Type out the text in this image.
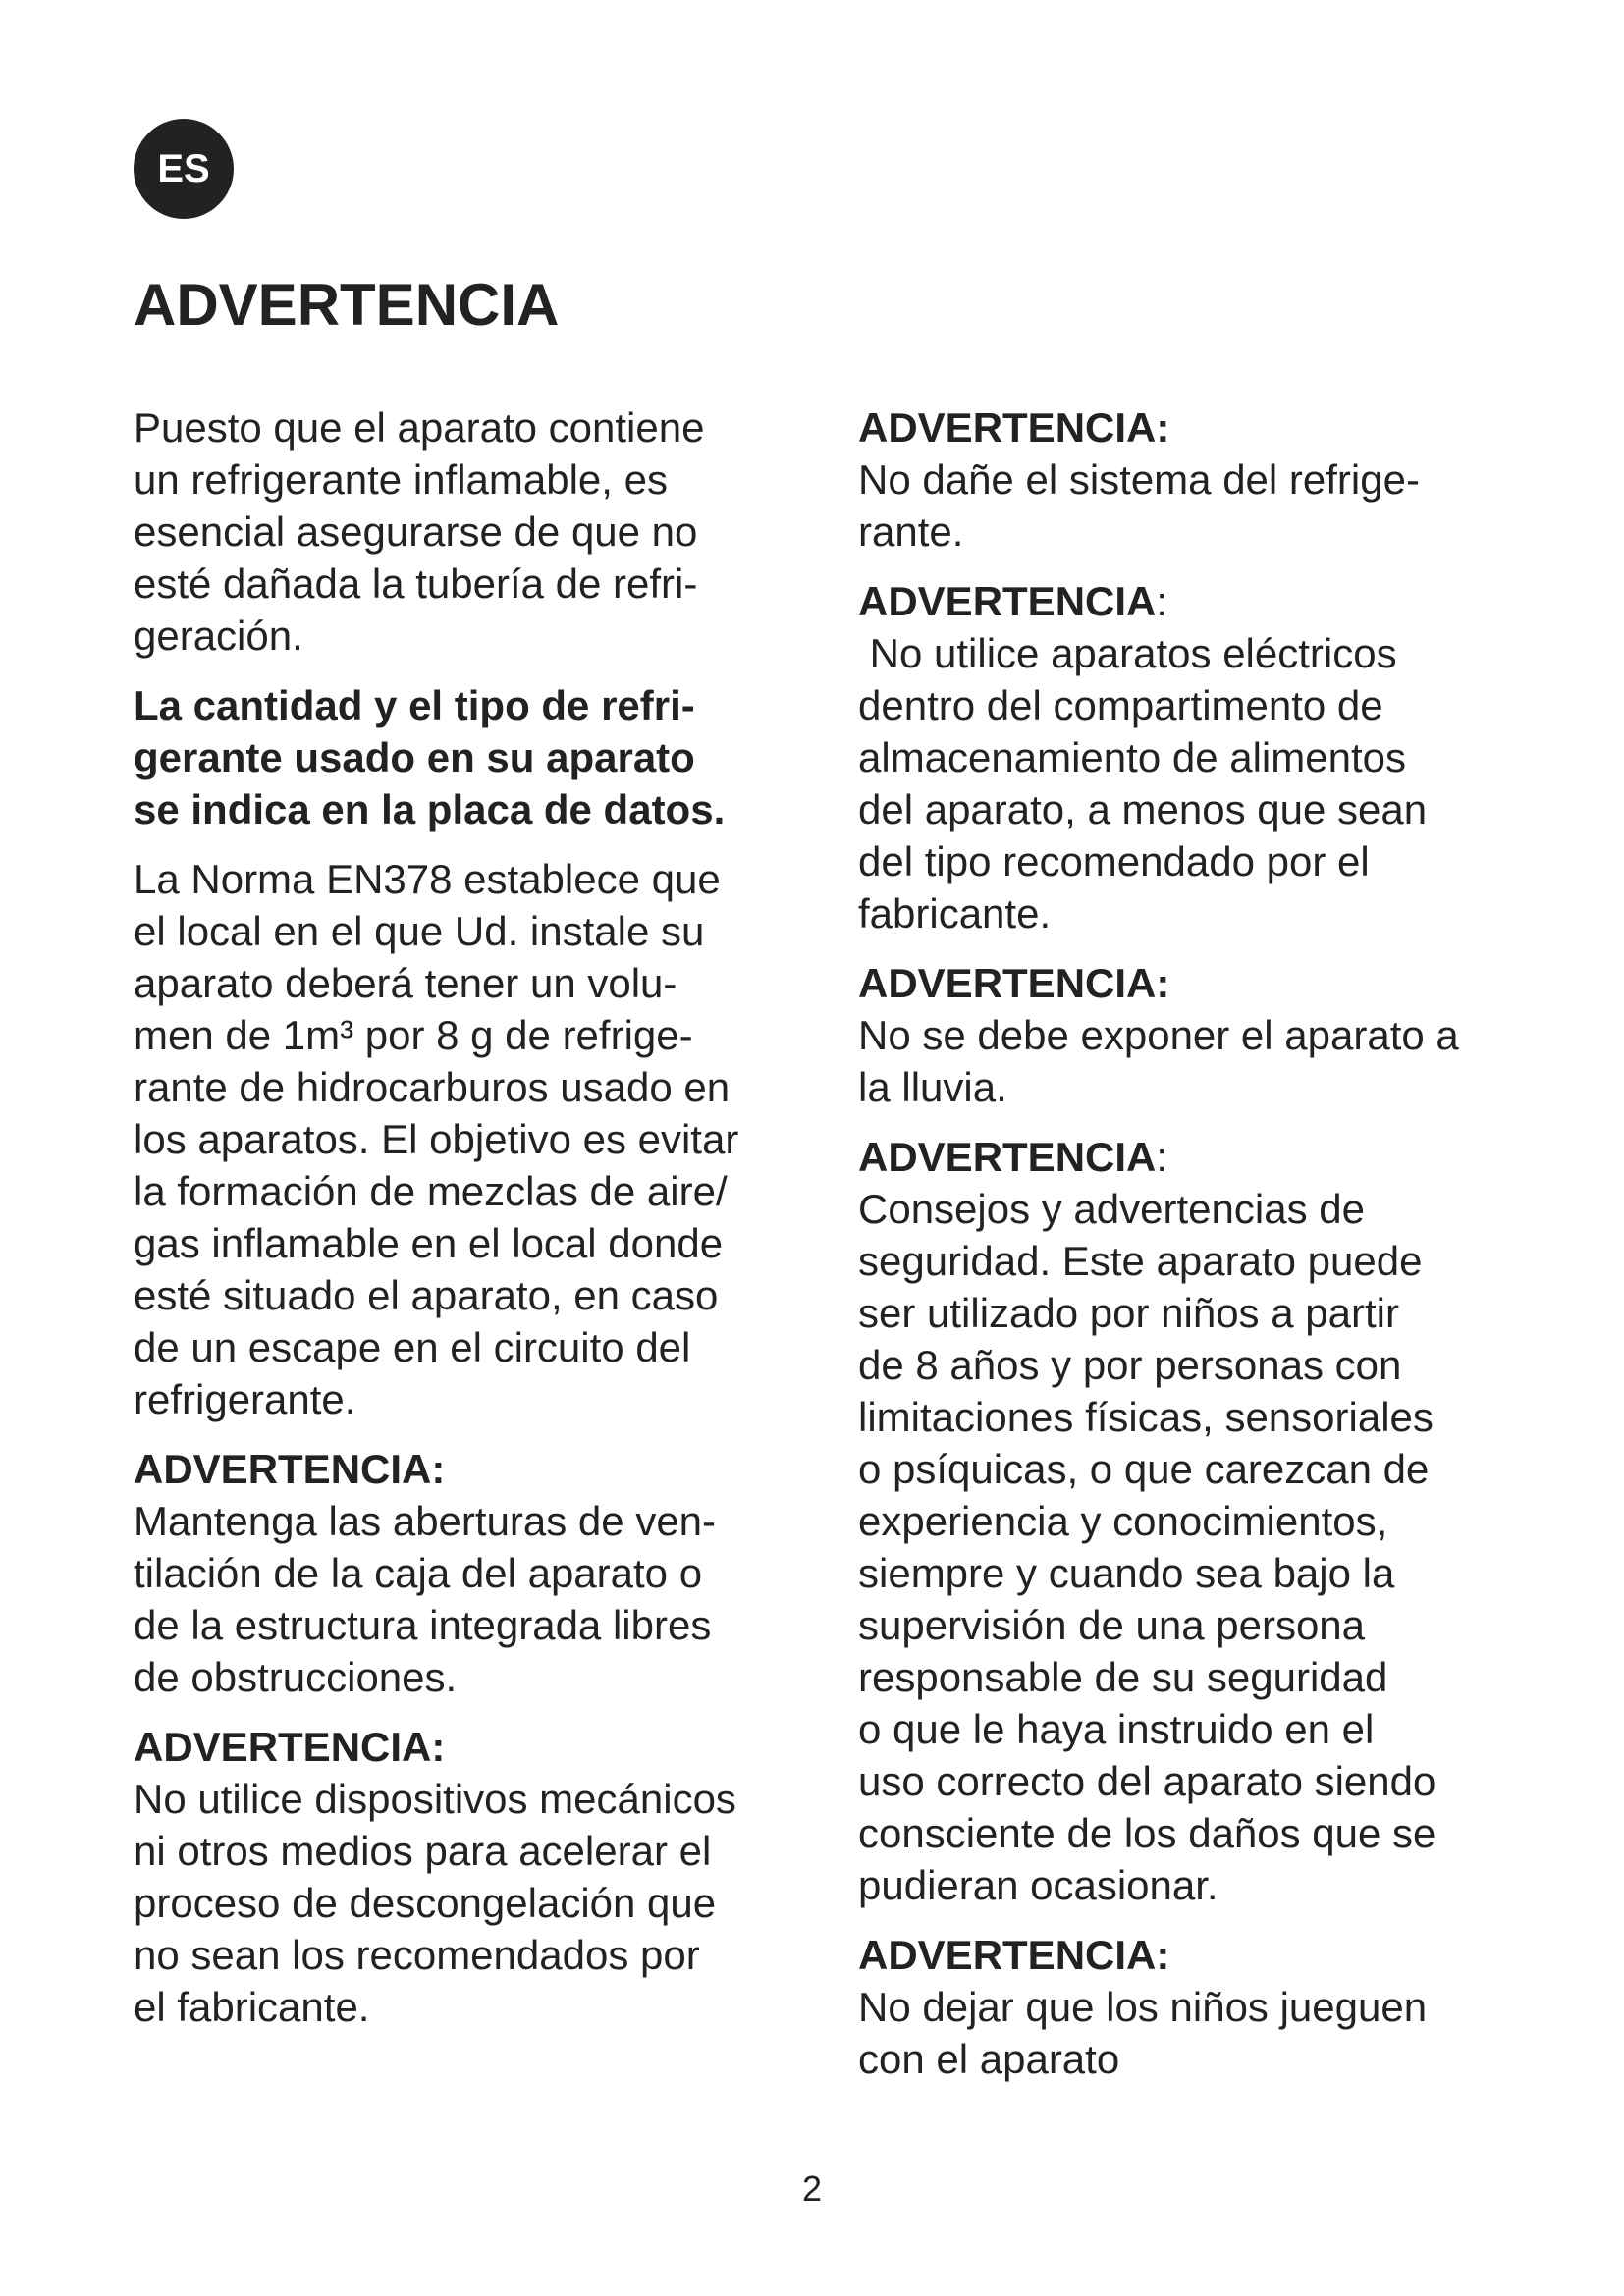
ES
ADVERTENCIA

Puesto que el aparato contiene

un refrigerante inflamable, es

esencial asegurarse de que no

esté dañada la tubería de refri-

geración.

La cantidad y el tipo de refri-

gerante usado en su aparato

se indica en la placa de datos.

La Norma EN378 establece que

el local en el que Ud. instale su

aparato deberá tener un volu-

men de 1m³ por 8 g de refrige-

rante de hidrocarburos usado en

los aparatos. El objetivo es evitar

la formación de mezclas de aire/

gas inflamable en el local donde

esté situado el aparato, en caso

de un escape en el circuito del

refrigerante.

ADVERTENCIA:

Mantenga las aberturas de ven-

tilación de la caja del aparato o

de la estructura integrada libres

de obstrucciones.

ADVERTENCIA:

No utilice dispositivos mecánicos

ni otros medios para acelerar el

proceso de descongelación que

no sean los recomendados por

el fabricante.

ADVERTENCIA:

No dañe el sistema del refrige-

rante.

ADVERTENCIA:

No utilice aparatos eléctricos

dentro del compartimento de

almacenamiento de alimentos

del aparato, a menos que sean

del tipo recomendado por el

fabricante.

ADVERTENCIA:

No se debe exponer el aparato a

la lluvia.

ADVERTENCIA:

Consejos y advertencias de

seguridad. Este aparato puede

ser utilizado por niños a partir

de 8 años y por personas con

limitaciones físicas, sensoriales

o psíquicas, o que carezcan de

experiencia y conocimientos,

siempre y cuando sea bajo la

supervisión de una persona

responsable de su seguridad

o que le haya instruido en el

uso correcto del aparato siendo

consciente de los daños que se

pudieran ocasionar.

ADVERTENCIA:

No dejar que los niños jueguen

con el aparato

2
